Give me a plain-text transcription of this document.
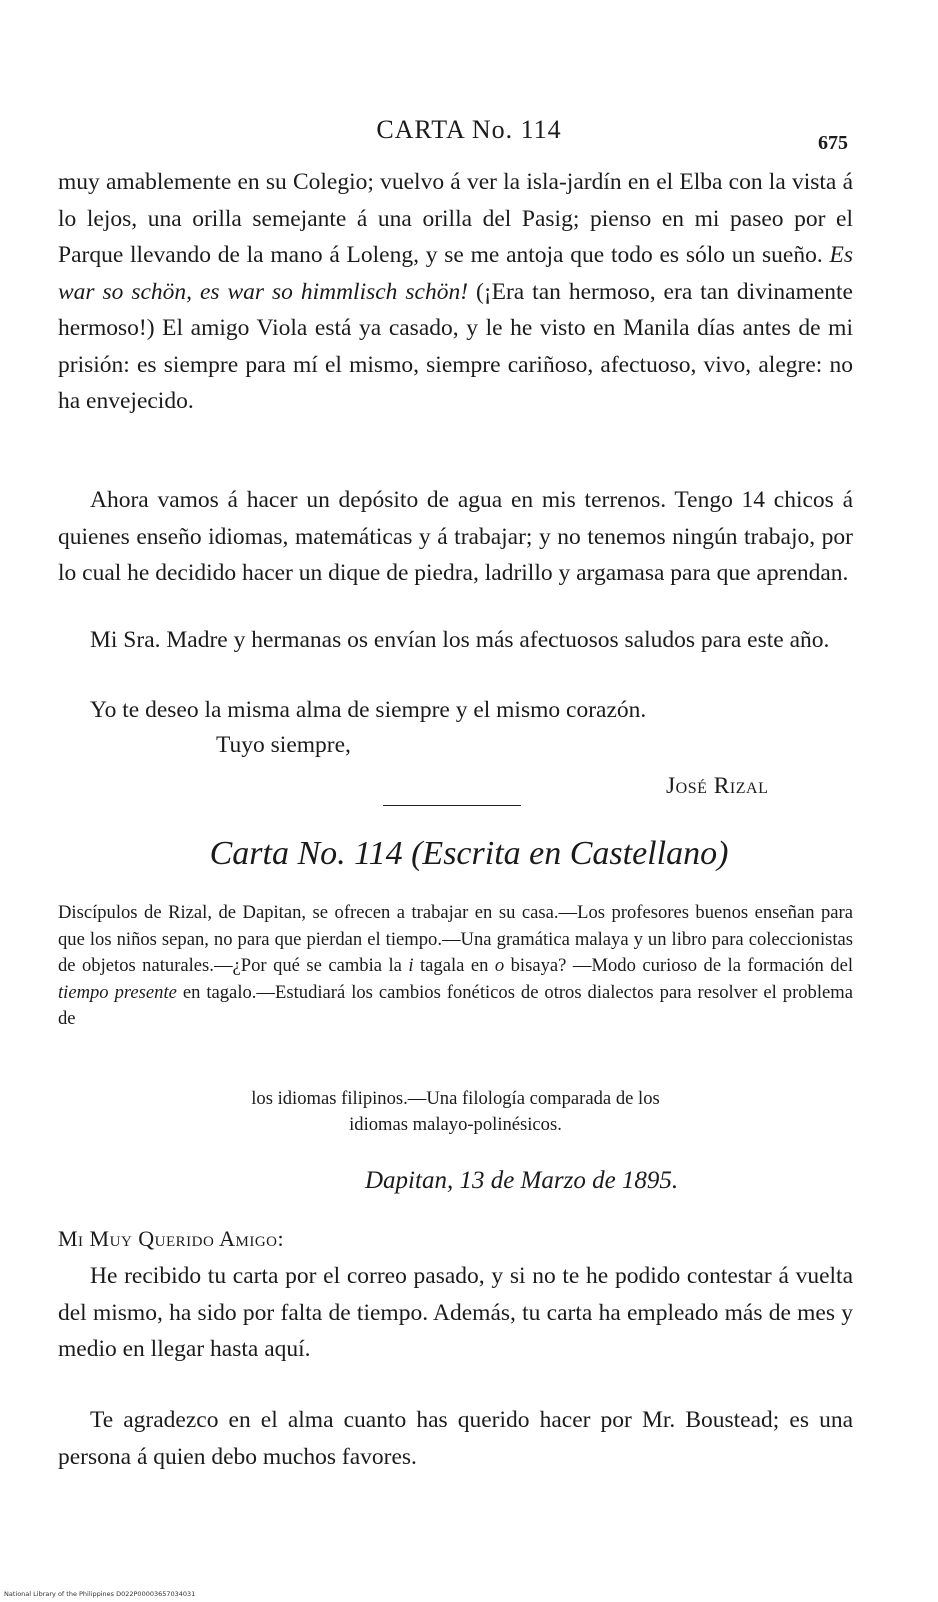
CARTA No. 114	675

muy amablemente en su Colegio; vuelvo á ver la isla-jardín en el Elba con la vista á lo lejos, una orilla semejante á una orilla del Pasig; pienso en mi paseo por el Parque llevando de la mano á Loleng, y se me antoja que todo es sólo un sueño. Es war so schön, es war so himmlisch schön! (¡Era tan hermoso, era tan divinamente hermoso!) El amigo Viola está ya casado, y le he visto en Manila días antes de mi prisión: es siempre para mí el mismo, siempre cariñoso, afectuoso, vivo, alegre: no ha envejecido.

Ahora vamos á hacer un depósito de agua en mis terrenos. Tengo 14 chicos á quienes enseño idiomas, matemáticas y á trabajar; y no tenemos ningún trabajo, por lo cual he decidido hacer un dique de piedra, ladrillo y argamasa para que aprendan.

Mi Sra. Madre y hermanas os envían los más afectuosos saludos para este año.

Yo te deseo la misma alma de siempre y el mismo corazón.

Tuyo siempre,

José Rizal

Carta No. 114 (Escrita en Castellano)

Discípulos de Rizal, de Dapitan, se ofrecen a trabajar en su casa.—Los profesores buenos enseñan para que los niños sepan, no para que pierdan el tiempo.—Una gramática malaya y un libro para coleccionistas de objetos naturales.—¿Por qué se cambia la i tagala en o bisaya? —Modo curioso de la formación del tiempo presente en tagalo.—Estudiará los cambios fonéticos de otros dialectos para resolver el problema de

los idiomas filipinos.—Una filología comparada de los

idiomas malayo-polinésicos.

Dapitan, 13 de Marzo de 1895.

Mi Muy Querido Amigo:

He recibido tu carta por el correo pasado, y si no te he podido contestar á vuelta del mismo, ha sido por falta de tiempo. Además, tu carta ha empleado más de mes y medio en llegar hasta aquí.

Te agradezco en el alma cuanto has querido hacer por Mr. Boustead; es una persona á quien debo muchos favores.

National Library of the Philippines D022P00003657034031
